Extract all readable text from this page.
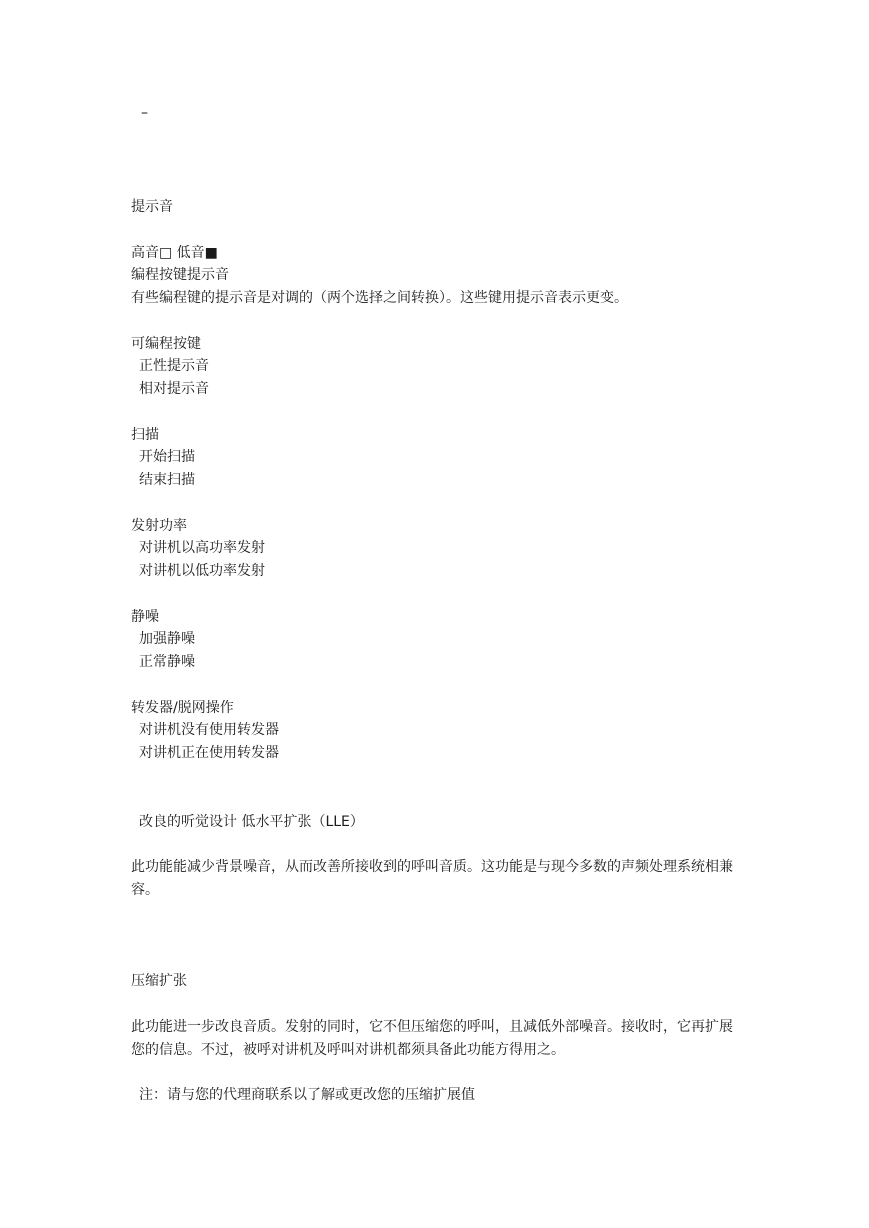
–
提示音
高音□ 低音■
编程按键提示音
有些编程键的提示音是对调的（两个选择之间转换）。这些键用提示音表示更变。
可编程按键
正性提示音
相对提示音
扫描
开始扫描
结束扫描
发射功率
对讲机以高功率发射
对讲机以低功率发射
静噪
加强静噪
正常静噪
转发器/脱网操作
对讲机没有使用转发器
对讲机正在使用转发器
改良的听觉设计 低水平扩张（LLE）
此功能能减少背景噪音，从而改善所接收到的呼叫音质。这功能是与现今多数的声频处理系统相兼容。
压缩扩张
此功能进一步改良音质。发射的同时，它不但压缩您的呼叫，且减低外部噪音。接收时，它再扩展您的信息。不过，被呼对讲机及呼叫对讲机都须具备此功能方得用之。
注：请与您的代理商联系以了解或更改您的压缩扩展值
